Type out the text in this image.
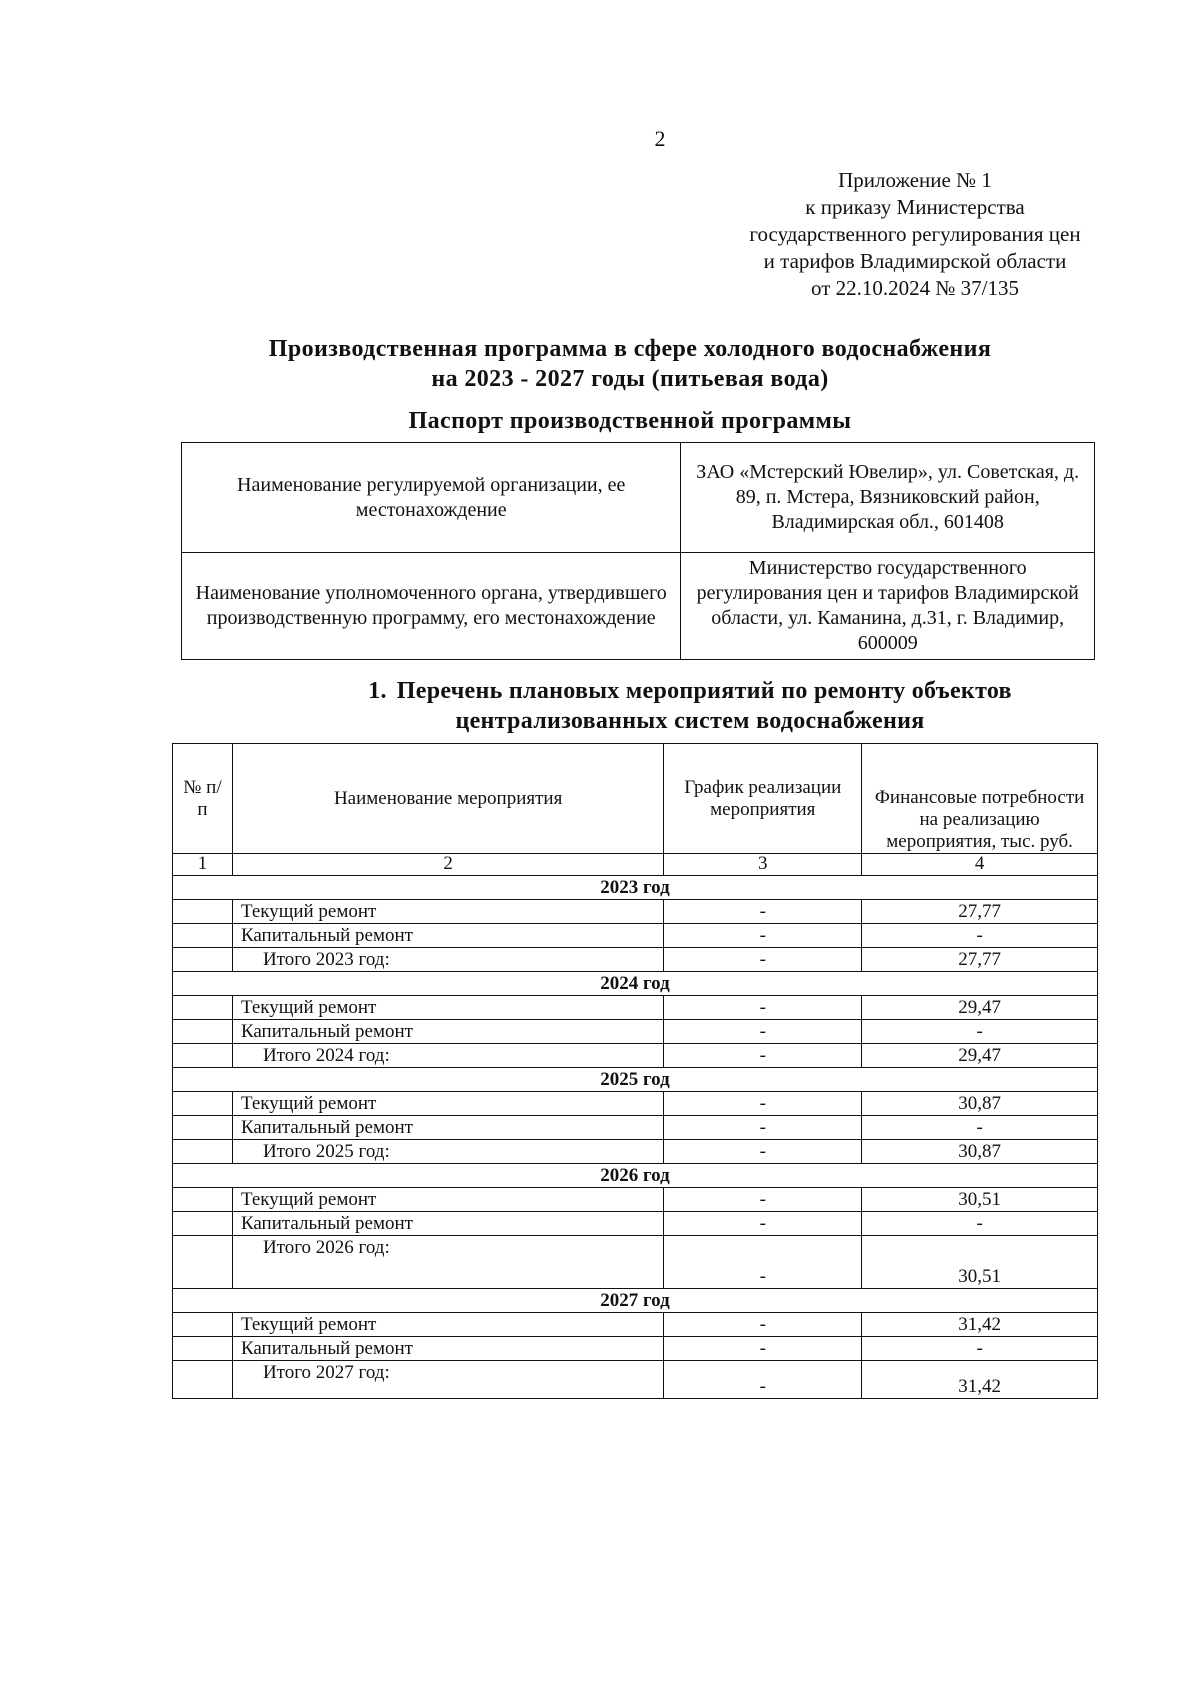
2
Приложение № 1
к приказу Министерства
государственного регулирования цен
и тарифов Владимирской области
от 22.10.2024 № 37/135
Производственная программа в сфере холодного водоснабжения
на 2023 - 2027 годы (питьевая вода)
Паспорт производственной программы
Наименование регулируемой организации, ее местонахождение	ЗАО «Мстерский Ювелир», ул. Советская, д. 89, п. Мстера, Вязниковский район, Владимирская обл., 601408
Наименование уполномоченного органа, утвердившего производственную программу, его местонахождение	Министерство государственного регулирования цен и тарифов Владимирской области, ул. Каманина, д.31, г. Владимир, 600009
1. Перечень плановых мероприятий по ремонту объектов
централизованных систем водоснабжения
№ п/п	Наименование мероприятия	График реализации мероприятия	Финансовые потребности на реализацию мероприятия, тыс. руб.
1	2	3	4
2023 год			
	Текущий ремонт	-	27,77
	Капитальный ремонт	-	-
	Итого 2023 год:	-	27,77
2024 год			
	Текущий ремонт	-	29,47
	Капитальный ремонт	-	-
	Итого 2024 год:	-	29,47
2025 год			
	Текущий ремонт	-	30,87
	Капитальный ремонт	-	-
	Итого 2025 год:	-	30,87
2026 год			
	Текущий ремонт	-	30,51
	Капитальный ремонт	-	-
	Итого 2026 год:	-	30,51
2027 год			
	Текущий ремонт	-	31,42
	Капитальный ремонт	-	-
	Итого 2027 год:	-	31,42
